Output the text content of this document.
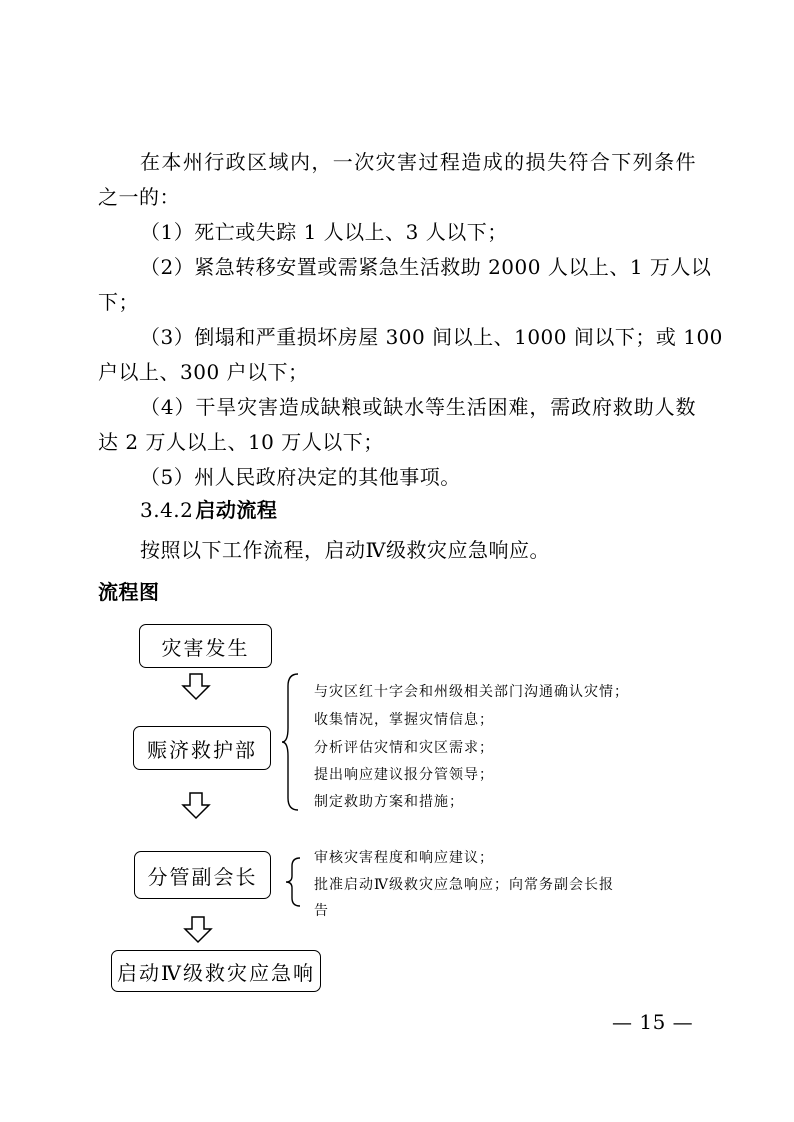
在本州行政区域内，一次灾害过程造成的损失符合下列条件
之一的：
（1）死亡或失踪 1 人以上、3 人以下；
（2）紧急转移安置或需紧急生活救助 2000 人以上、1 万人以
下；
（3）倒塌和严重损坏房屋 300 间以上、1000 间以下；或 100
户以上、300 户以下；
（4）干旱灾害造成缺粮或缺水等生活困难，需政府救助人数
达 2 万人以上、10 万人以下；
（5）州人民政府决定的其他事项。
3.4.2 启动流程
按照以下工作流程，启动Ⅳ级救灾应急响应。
流程图
灾害发生
赈济救护部
分管副会长
启动Ⅳ级救灾应急响
与灾区红十字会和州级相关部门沟通确认灾情；
收集情况，掌握灾情信息；
分析评估灾情和灾区需求；
提出响应建议报分管领导；
制定救助方案和措施；
审核灾害程度和响应建议；
批准启动Ⅳ级救灾应急响应；向常务副会长报
告
— 15 —
